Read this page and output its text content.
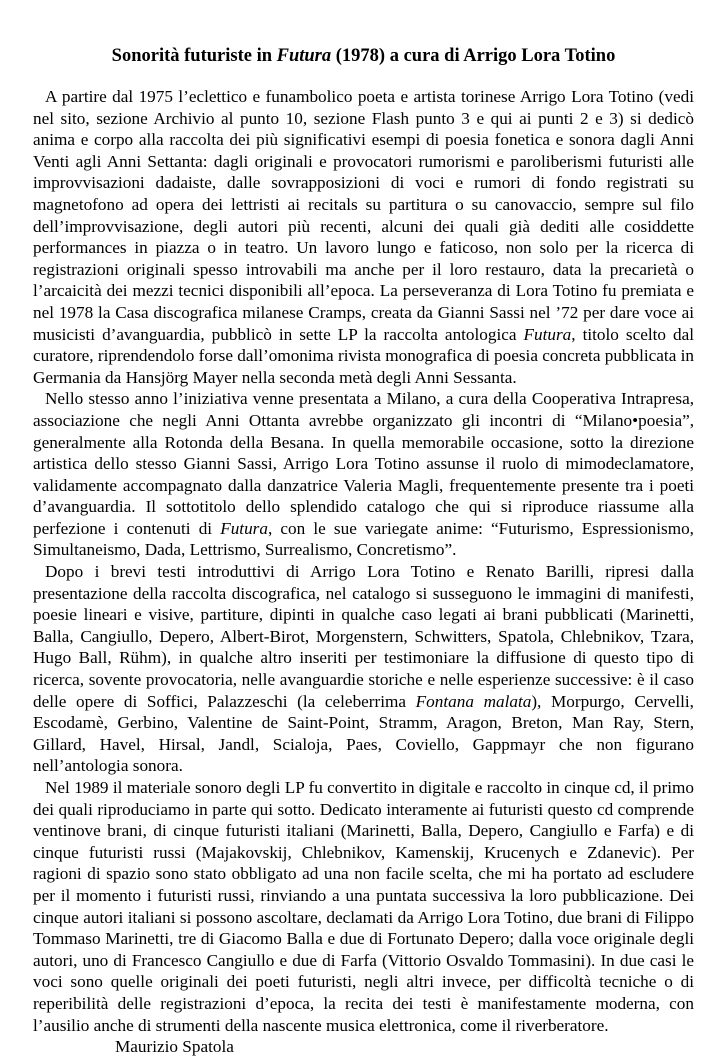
Sonorità futuriste in Futura (1978) a cura di Arrigo Lora Totino

A partire dal 1975 l’eclettico e funambolico poeta e artista torinese Arrigo Lora Totino (vedi nel sito, sezione Archivio al punto 10, sezione Flash punto 3 e qui ai punti 2 e 3) si dedicò anima e corpo alla raccolta dei più significativi esempi di poesia fonetica e sonora dagli Anni Venti agli Anni Settanta: dagli originali e provocatori rumorismi e paroliberismi futuristi alle improvvisazioni dadaiste, dalle sovrapposizioni di voci e rumori di fondo registrati su magnetofono ad opera dei lettristi ai recitals su partitura o su canovaccio, sempre sul filo dell’improvvisazione, degli autori più recenti, alcuni dei quali già dediti alle cosiddette performances in piazza o in teatro. Un lavoro lungo e faticoso, non solo per la ricerca di registrazioni originali spesso introvabili ma anche per il loro restauro, data la precarietà o l’arcaicità dei mezzi tecnici disponibili all’epoca. La perseveranza di Lora Totino fu premiata e nel 1978 la Casa discografica milanese Cramps, creata da Gianni Sassi nel ’72 per dare voce ai musicisti d’avanguardia, pubblicò in sette LP la raccolta antologica Futura, titolo scelto dal curatore, riprendendolo forse dall’omonima rivista monografica di poesia concreta pubblicata in Germania da Hansjörg Mayer nella seconda metà degli Anni Sessanta.

Nello stesso anno l’iniziativa venne presentata a Milano, a cura della Cooperativa Intrapresa, associazione che negli Anni Ottanta avrebbe organizzato gli incontri di “Milano•poesia”, generalmente alla Rotonda della Besana. In quella memorabile occasione, sotto la direzione artistica dello stesso Gianni Sassi, Arrigo Lora Totino assunse il ruolo di mimodeclamatore, validamente accompagnato dalla danzatrice Valeria Magli, frequentemente presente tra i poeti d’avanguardia. Il sottotitolo dello splendido catalogo che qui si riproduce riassume alla perfezione i contenuti di Futura, con le sue variegate anime: “Futurismo, Espressionismo, Simultaneismo, Dada, Lettrismo, Surrealismo, Concretismo”.

Dopo i brevi testi introduttivi di Arrigo Lora Totino e Renato Barilli, ripresi dalla presentazione della raccolta discografica, nel catalogo si susseguono le immagini di manifesti, poesie lineari e visive, partiture, dipinti in qualche caso legati ai brani pubblicati (Marinetti, Balla, Cangiullo, Depero, Albert-Birot, Morgenstern, Schwitters, Spatola, Chlebnikov, Tzara, Hugo Ball, Rühm), in qualche altro inseriti per testimoniare la diffusione di questo tipo di ricerca, sovente provocatoria, nelle avanguardie storiche e nelle esperienze successive: è il caso delle opere di Soffici, Palazzeschi (la celeberrima Fontana malata), Morpurgo, Cervelli, Escodamè, Gerbino, Valentine de Saint-Point, Stramm, Aragon, Breton, Man Ray, Stern, Gillard, Havel, Hirsal, Jandl, Scialoja, Paes, Coviello, Gappmayr che non figurano nell’antologia sonora.

Nel 1989 il materiale sonoro degli LP fu convertito in digitale e raccolto in cinque cd, il primo dei quali riproduciamo in parte qui sotto. Dedicato interamente ai futuristi questo cd comprende ventinove brani, di cinque futuristi italiani (Marinetti, Balla, Depero, Cangiullo e Farfa) e di cinque futuristi russi (Majakovskij, Chlebnikov, Kamenskij, Krucenych e Zdanevic). Per ragioni di spazio sono stato obbligato ad una non facile scelta, che mi ha portato ad escludere per il momento i futuristi russi, rinviando a una puntata successiva la loro pubblicazione. Dei cinque autori italiani si possono ascoltare, declamati da Arrigo Lora Totino, due brani di Filippo Tommaso Marinetti, tre di Giacomo Balla e due di Fortunato Depero; dalla voce originale degli autori, uno di Francesco Cangiullo e due di Farfa (Vittorio Osvaldo Tommasini). In due casi le voci sono quelle originali dei poeti futuristi, negli altri invece, per difficoltà tecniche o di reperibilità delle registrazioni d’epoca, la recita dei testi è manifestamente moderna, con l’ausilio anche di strumenti della nascente musica elettronica, come il riverberatore.

Maurizio Spatola
